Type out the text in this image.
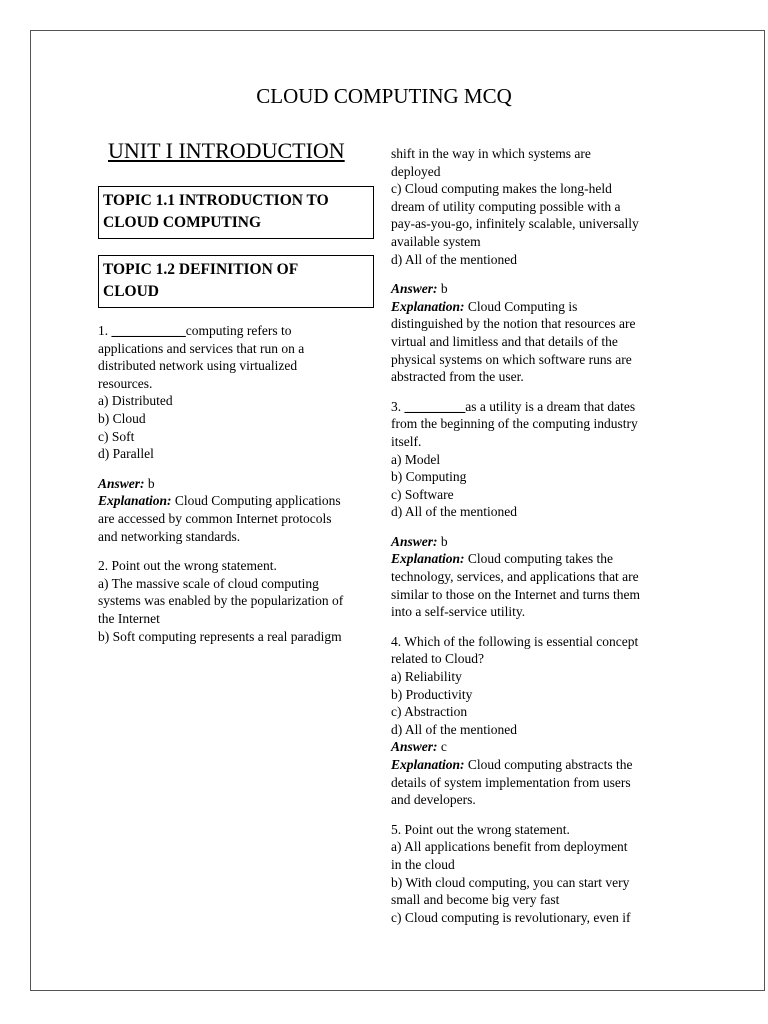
CLOUD COMPUTING MCQ
UNIT I INTRODUCTION
TOPIC 1.1 INTRODUCTION TO
CLOUD COMPUTING
TOPIC 1.2 DEFINITION OF
CLOUD
1. ___________computing refers to
applications and services that run on a
distributed network using virtualized
resources.
a) Distributed
b) Cloud
c) Soft
d) Parallel
Answer: b
Explanation: Cloud Computing applications
are accessed by common Internet protocols
and networking standards.
2. Point out the wrong statement.
a) The massive scale of cloud computing
systems was enabled by the popularization of
the Internet
b) Soft computing represents a real paradigm
shift in the way in which systems are
deployed
c) Cloud computing makes the long-held
dream of utility computing possible with a
pay-as-you-go, infinitely scalable, universally
available system
d) All of the mentioned
Answer: b
Explanation: Cloud Computing is
distinguished by the notion that resources are
virtual and limitless and that details of the
physical systems on which software runs are
abstracted from the user.
3. _________as a utility is a dream that dates
from the beginning of the computing industry
itself.
a) Model
b) Computing
c) Software
d) All of the mentioned
Answer: b
Explanation: Cloud computing takes the
technology, services, and applications that are
similar to those on the Internet and turns them
into a self-service utility.
4. Which of the following is essential concept
related to Cloud?
a) Reliability
b) Productivity
c) Abstraction
d) All of the mentioned
Answer: c
Explanation: Cloud computing abstracts the
details of system implementation from users
and developers.
5. Point out the wrong statement.
a) All applications benefit from deployment
in the cloud
b) With cloud computing, you can start very
small and become big very fast
c) Cloud computing is revolutionary, even if
